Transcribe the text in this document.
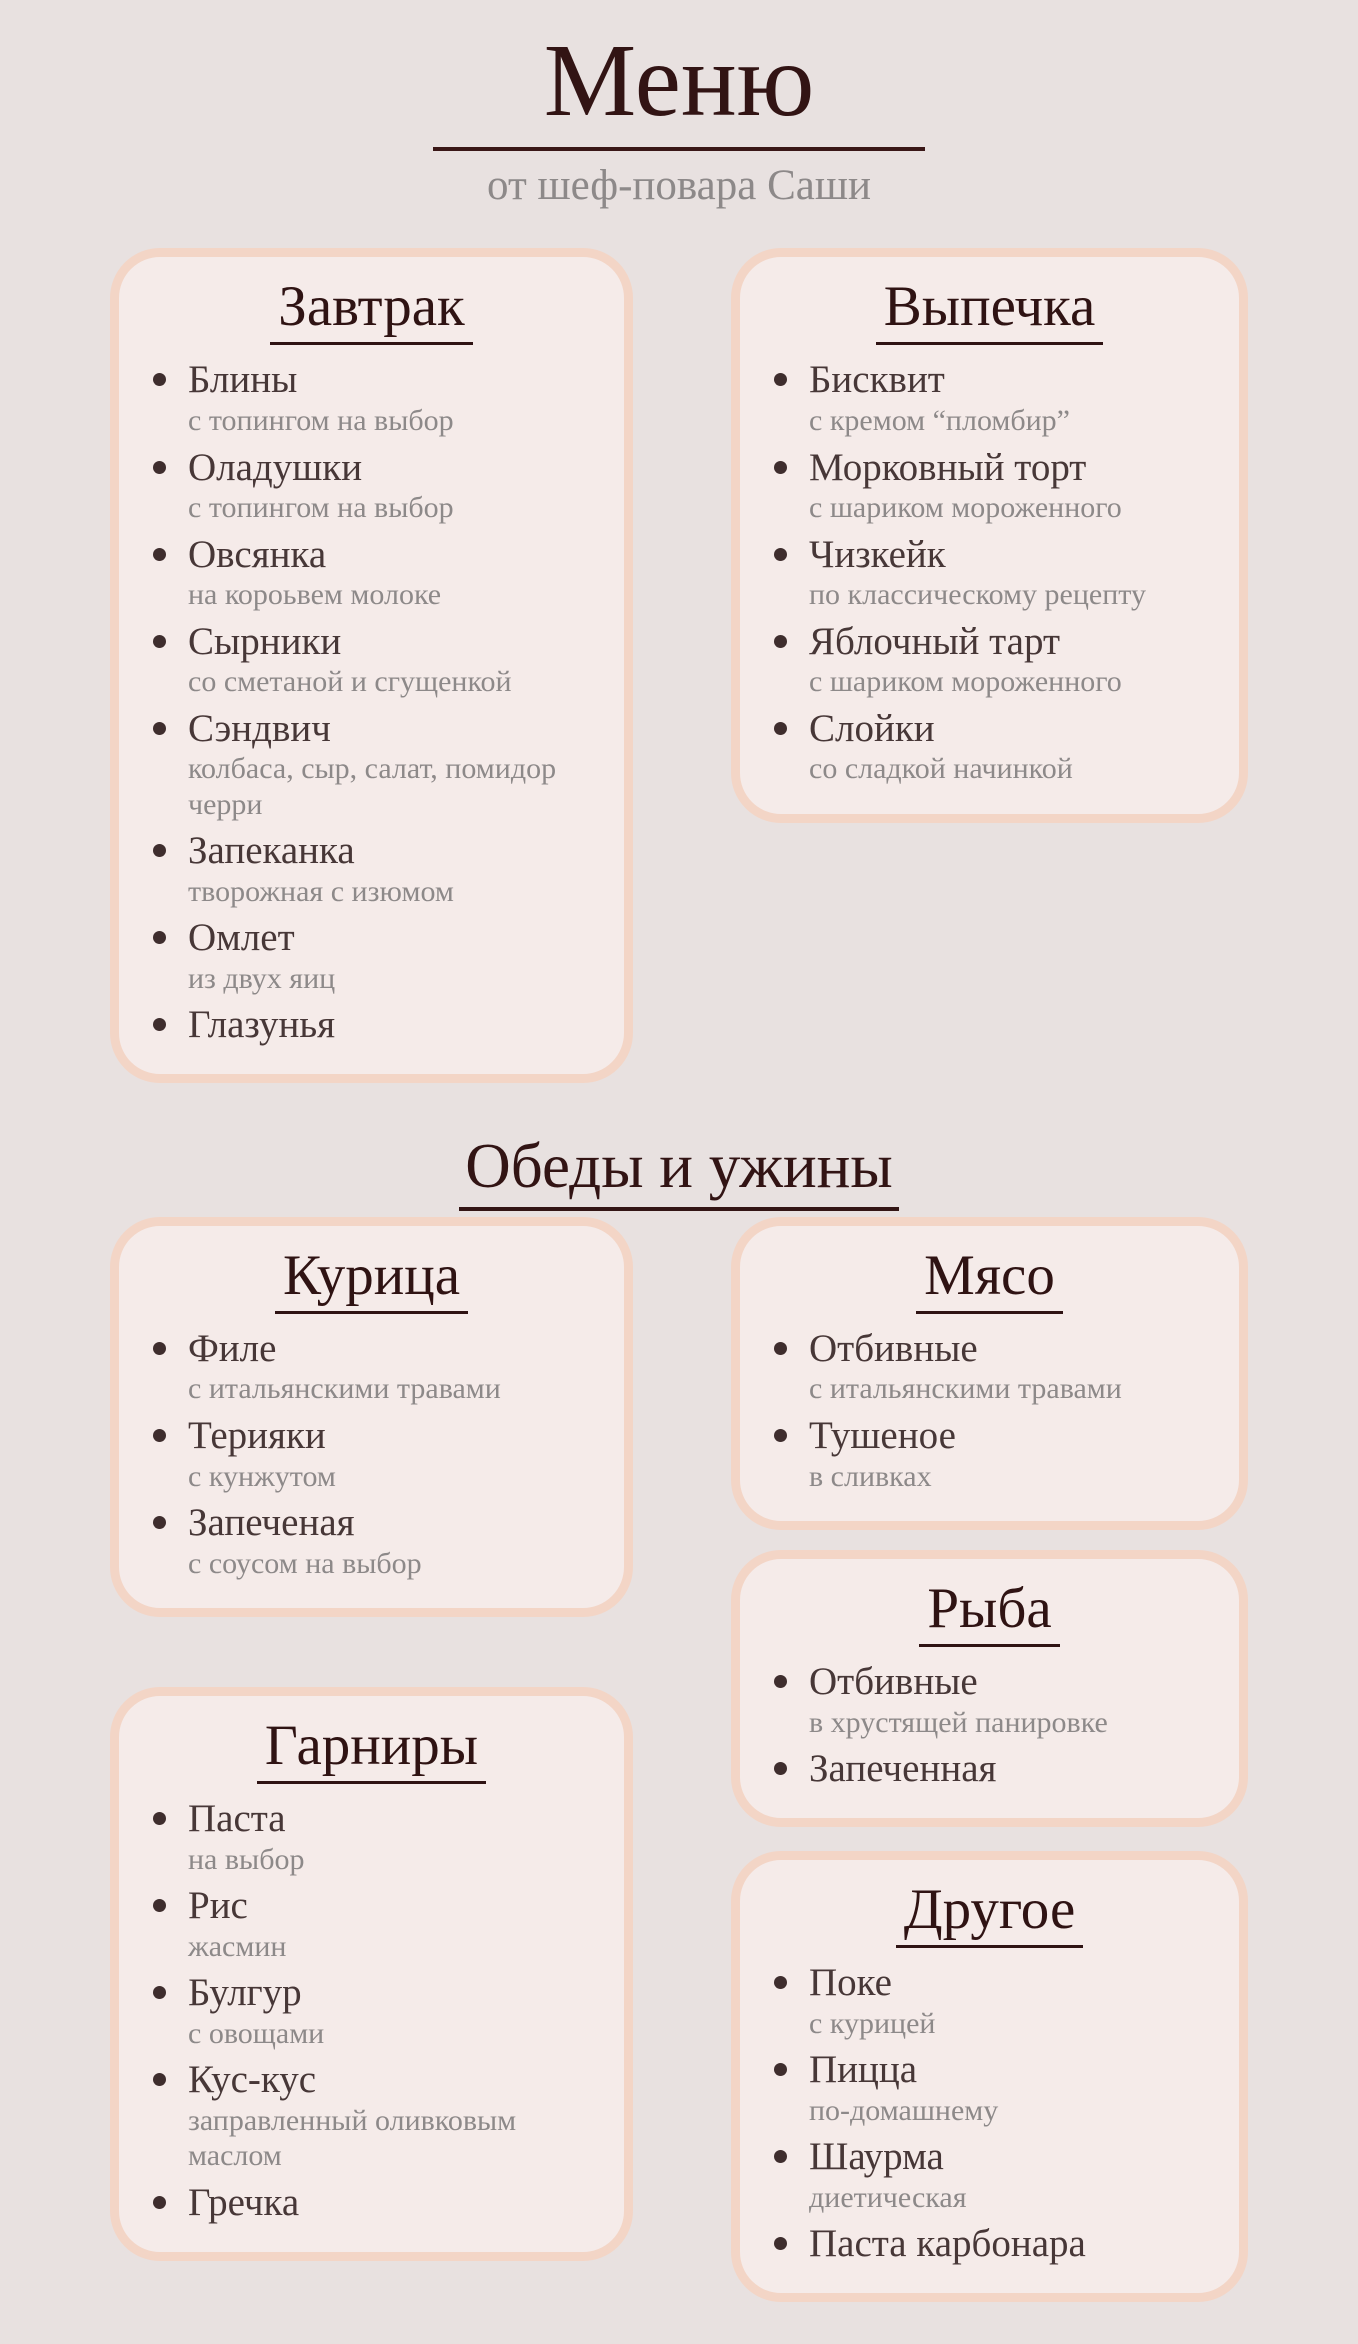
Меню

от шеф-повара Саши

Завтрак
Блины
с топингом на выбор
Оладушки
с топингом на выбор
Овсянка
на короьвем молоке
Сырники
со сметаной и сгущенкой
Сэндвич
колбаса, сыр, салат, помидор черри
Запеканка
творожная с изюмом
Омлет
из двух яиц
Глазунья
Выпечка
Бисквит
с кремом “пломбир”
Морковный торт
с шариком мороженного
Чизкейк
по классическому рецепту
Яблочный тарт
с шариком мороженного
Слойки
со сладкой начинкой
Обеды и ужины
Курица
Филе
с итальянскими травами
Терияки
с кунжутом
Запеченая
с соусом на выбор
Гарниры
Паста
на выбор
Рис
жасмин
Булгур
с овощами
Кус-кус
заправленный оливковым маслом
Гречка
Мясо
Отбивные
с итальянскими травами
Тушеное
в сливках
Рыба
Отбивные
в хрустящей панировке
Запеченная
Другое
Поке
с курицей
Пицца
по-домашнему
Шаурма
диетическая
Паста карбонара
